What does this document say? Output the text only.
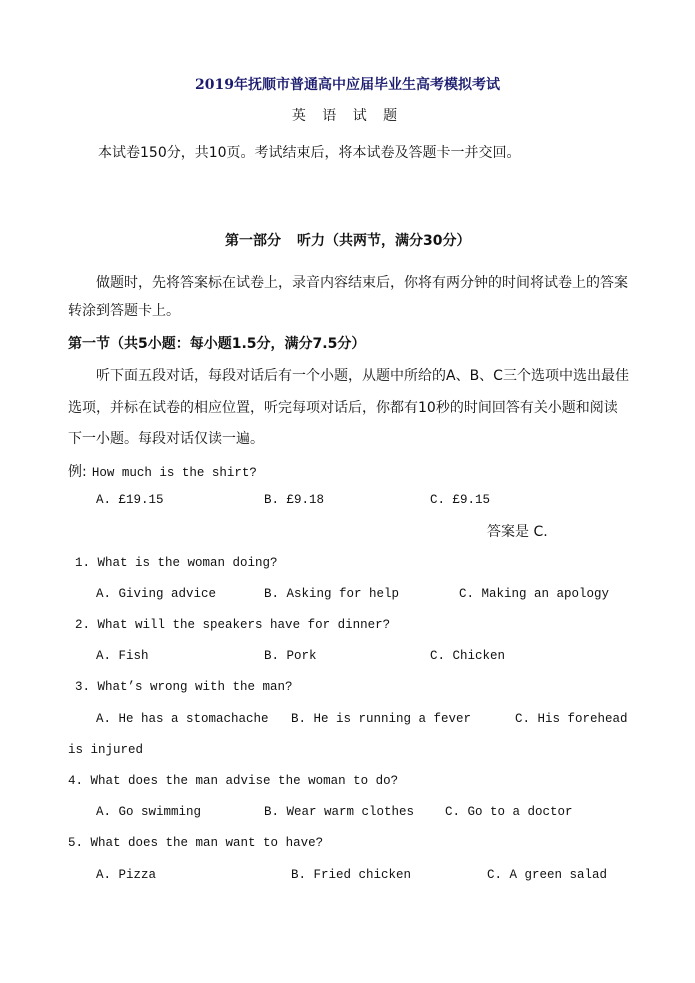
2019年抚顺市普通高中应届毕业生高考模拟考试
英 语 试 题
本试卷150分，共10页。考试结束后，将本试卷及答题卡一并交回。
第一部分 听力（共两节，满分30分）
做题时，先将答案标在试卷上，录音内容结束后，你将有两分钟的时间将试卷上的答案
转涂到答题卡上。
第一节（共5小题：每小题1.5分，满分7.5分）
听下面五段对话，每段对话后有一个小题，从题中所给的A、B、C三个选项中选出最佳
选项，并标在试卷的相应位置，听完每项对话后，你都有10秒的时间回答有关小题和阅读
下一小题。每段对话仅读一遍。
例: How much is the shirt?
A. £19.15	B. £9.18	C. £9.15
答案是 C.
1. What is the woman doing?
A. Giving advice	B. Asking for help	C. Making an apology
2. What will the speakers have for dinner?
A. Fish	B. Pork	C. Chicken
3. What’s wrong with the man?
A. He has a stomachache B. He is running a fever	C. His forehead
is injured
4. What does the man advise the woman to do?
A. Go swimming	B. Wear warm clothes C. Go to a doctor
5. What does the man want to have?
A. Pizza	B. Fried chicken	C. A green salad
